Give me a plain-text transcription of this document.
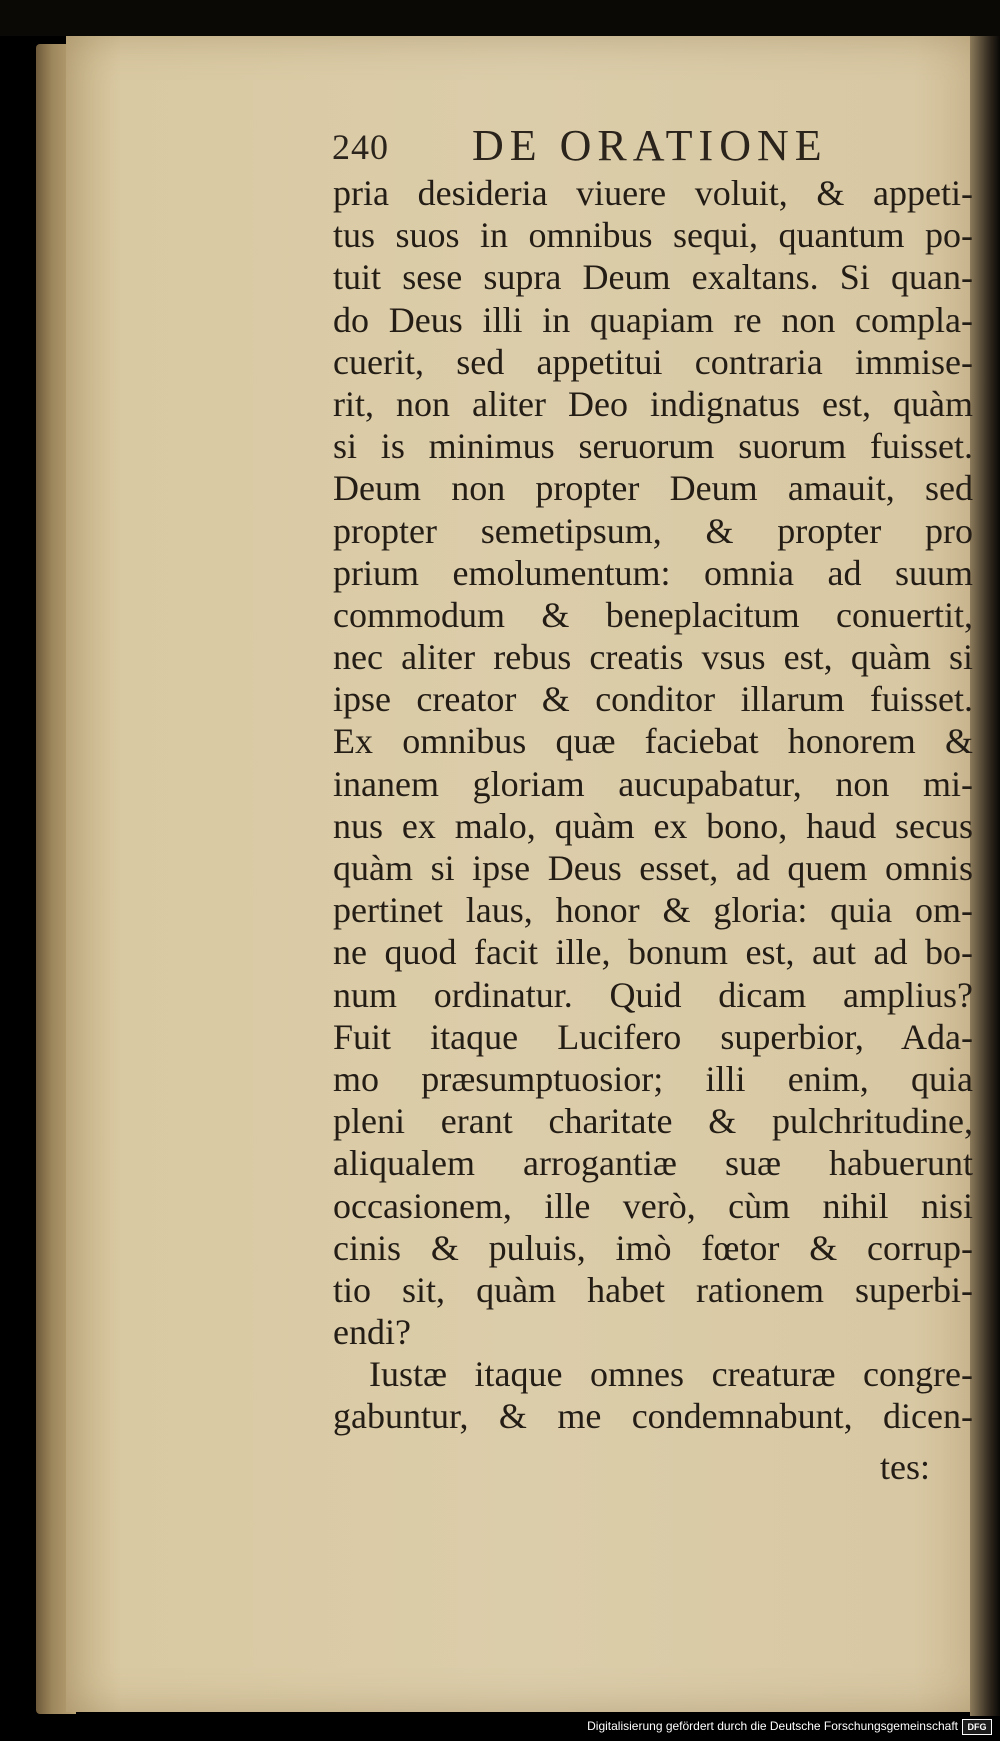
240 DE ORATIONE
pria desideria viuere voluit, & appeti-
tus suos in omnibus sequi, quantum po-
tuit sese supra Deum exaltans. Si quan-
do Deus illi in quapiam re non compla-
cuerit, sed appetitui contraria immise-
rit, non aliter Deo indignatus est, quàm
si is minimus seruorum suorum fuisset.
Deum non propter Deum amauit, sed
propter semetipsum, & propter pro
prium emolumentum: omnia ad suum
commodum & beneplacitum conuertit,
nec aliter rebus creatis vsus est, quàm si
ipse creator & conditor illarum fuisset.
Ex omnibus quæ faciebat honorem &
inanem gloriam aucupabatur, non mi-
nus ex malo, quàm ex bono, haud secus
quàm si ipse Deus esset, ad quem omnis
pertinet laus, honor & gloria: quia om-
ne quod facit ille, bonum est, aut ad bo-
num ordinatur. Quid dicam amplius?
Fuit itaque Lucifero superbior, Ada-
mo præsumptuosior; illi enim, quia
pleni erant charitate & pulchritudine,
aliqualem arrogantiæ suæ habuerunt
occasionem, ille verò, cùm nihil nisi
cinis & puluis, imò fœtor & corrup-
tio sit, quàm habet rationem superbi-
endi?
Iustæ itaque omnes creaturæ congre-
gabuntur, & me condemnabunt, dicen-
tes:
Digitalisierung gefördert durch die Deutsche Forschungsgemeinschaft	DFG
